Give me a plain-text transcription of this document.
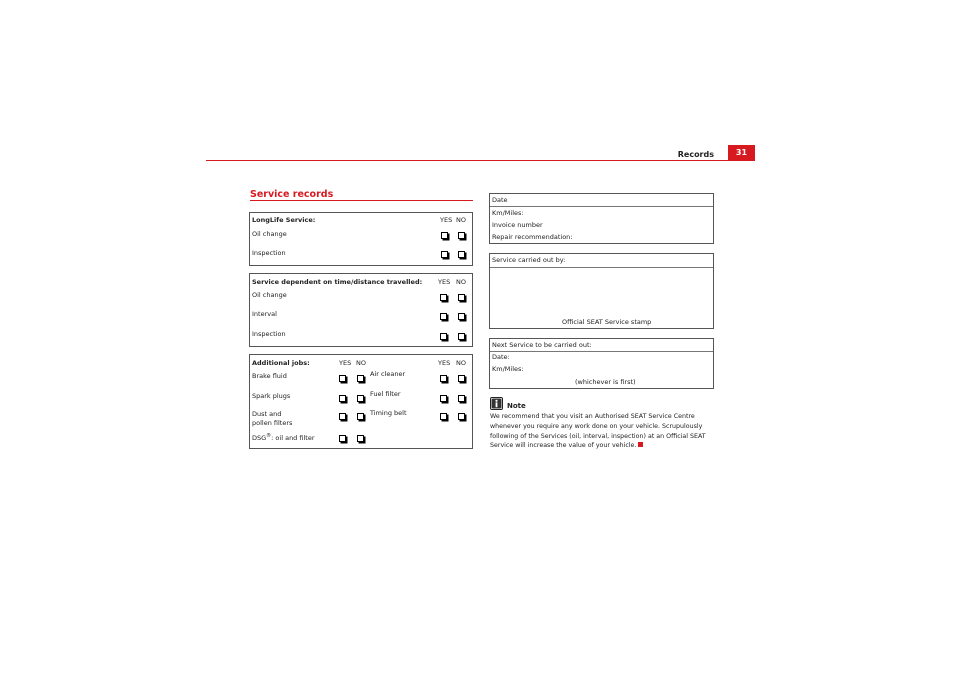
Records	31
Service records
LongLife Service:	YES NO
Oil change
Inspection
Service dependent on time/distance travelled: YES NO
Oil change
Interval
Inspection
Additional jobs:	YES NO	YES NO
Brake fluid
Spark plugs
Dust and
pollen filters
DSG®: oil and filter
Air cleaner
Fuel filter
Timing belt
Date
Km/Miles:
Invoice number
Repair recommendation:
Service carried out by:
Official SEAT Service stamp
Next Service to be carried out:
Date:
Km/Miles:
(whichever is first)
Note
We recommend that you visit an Authorised SEAT Service Centre whenever you require any work done on your vehicle. Scrupulously following of the Services (oil, interval, inspection) at an Official SEAT Service will increase the value of your vehicle.
